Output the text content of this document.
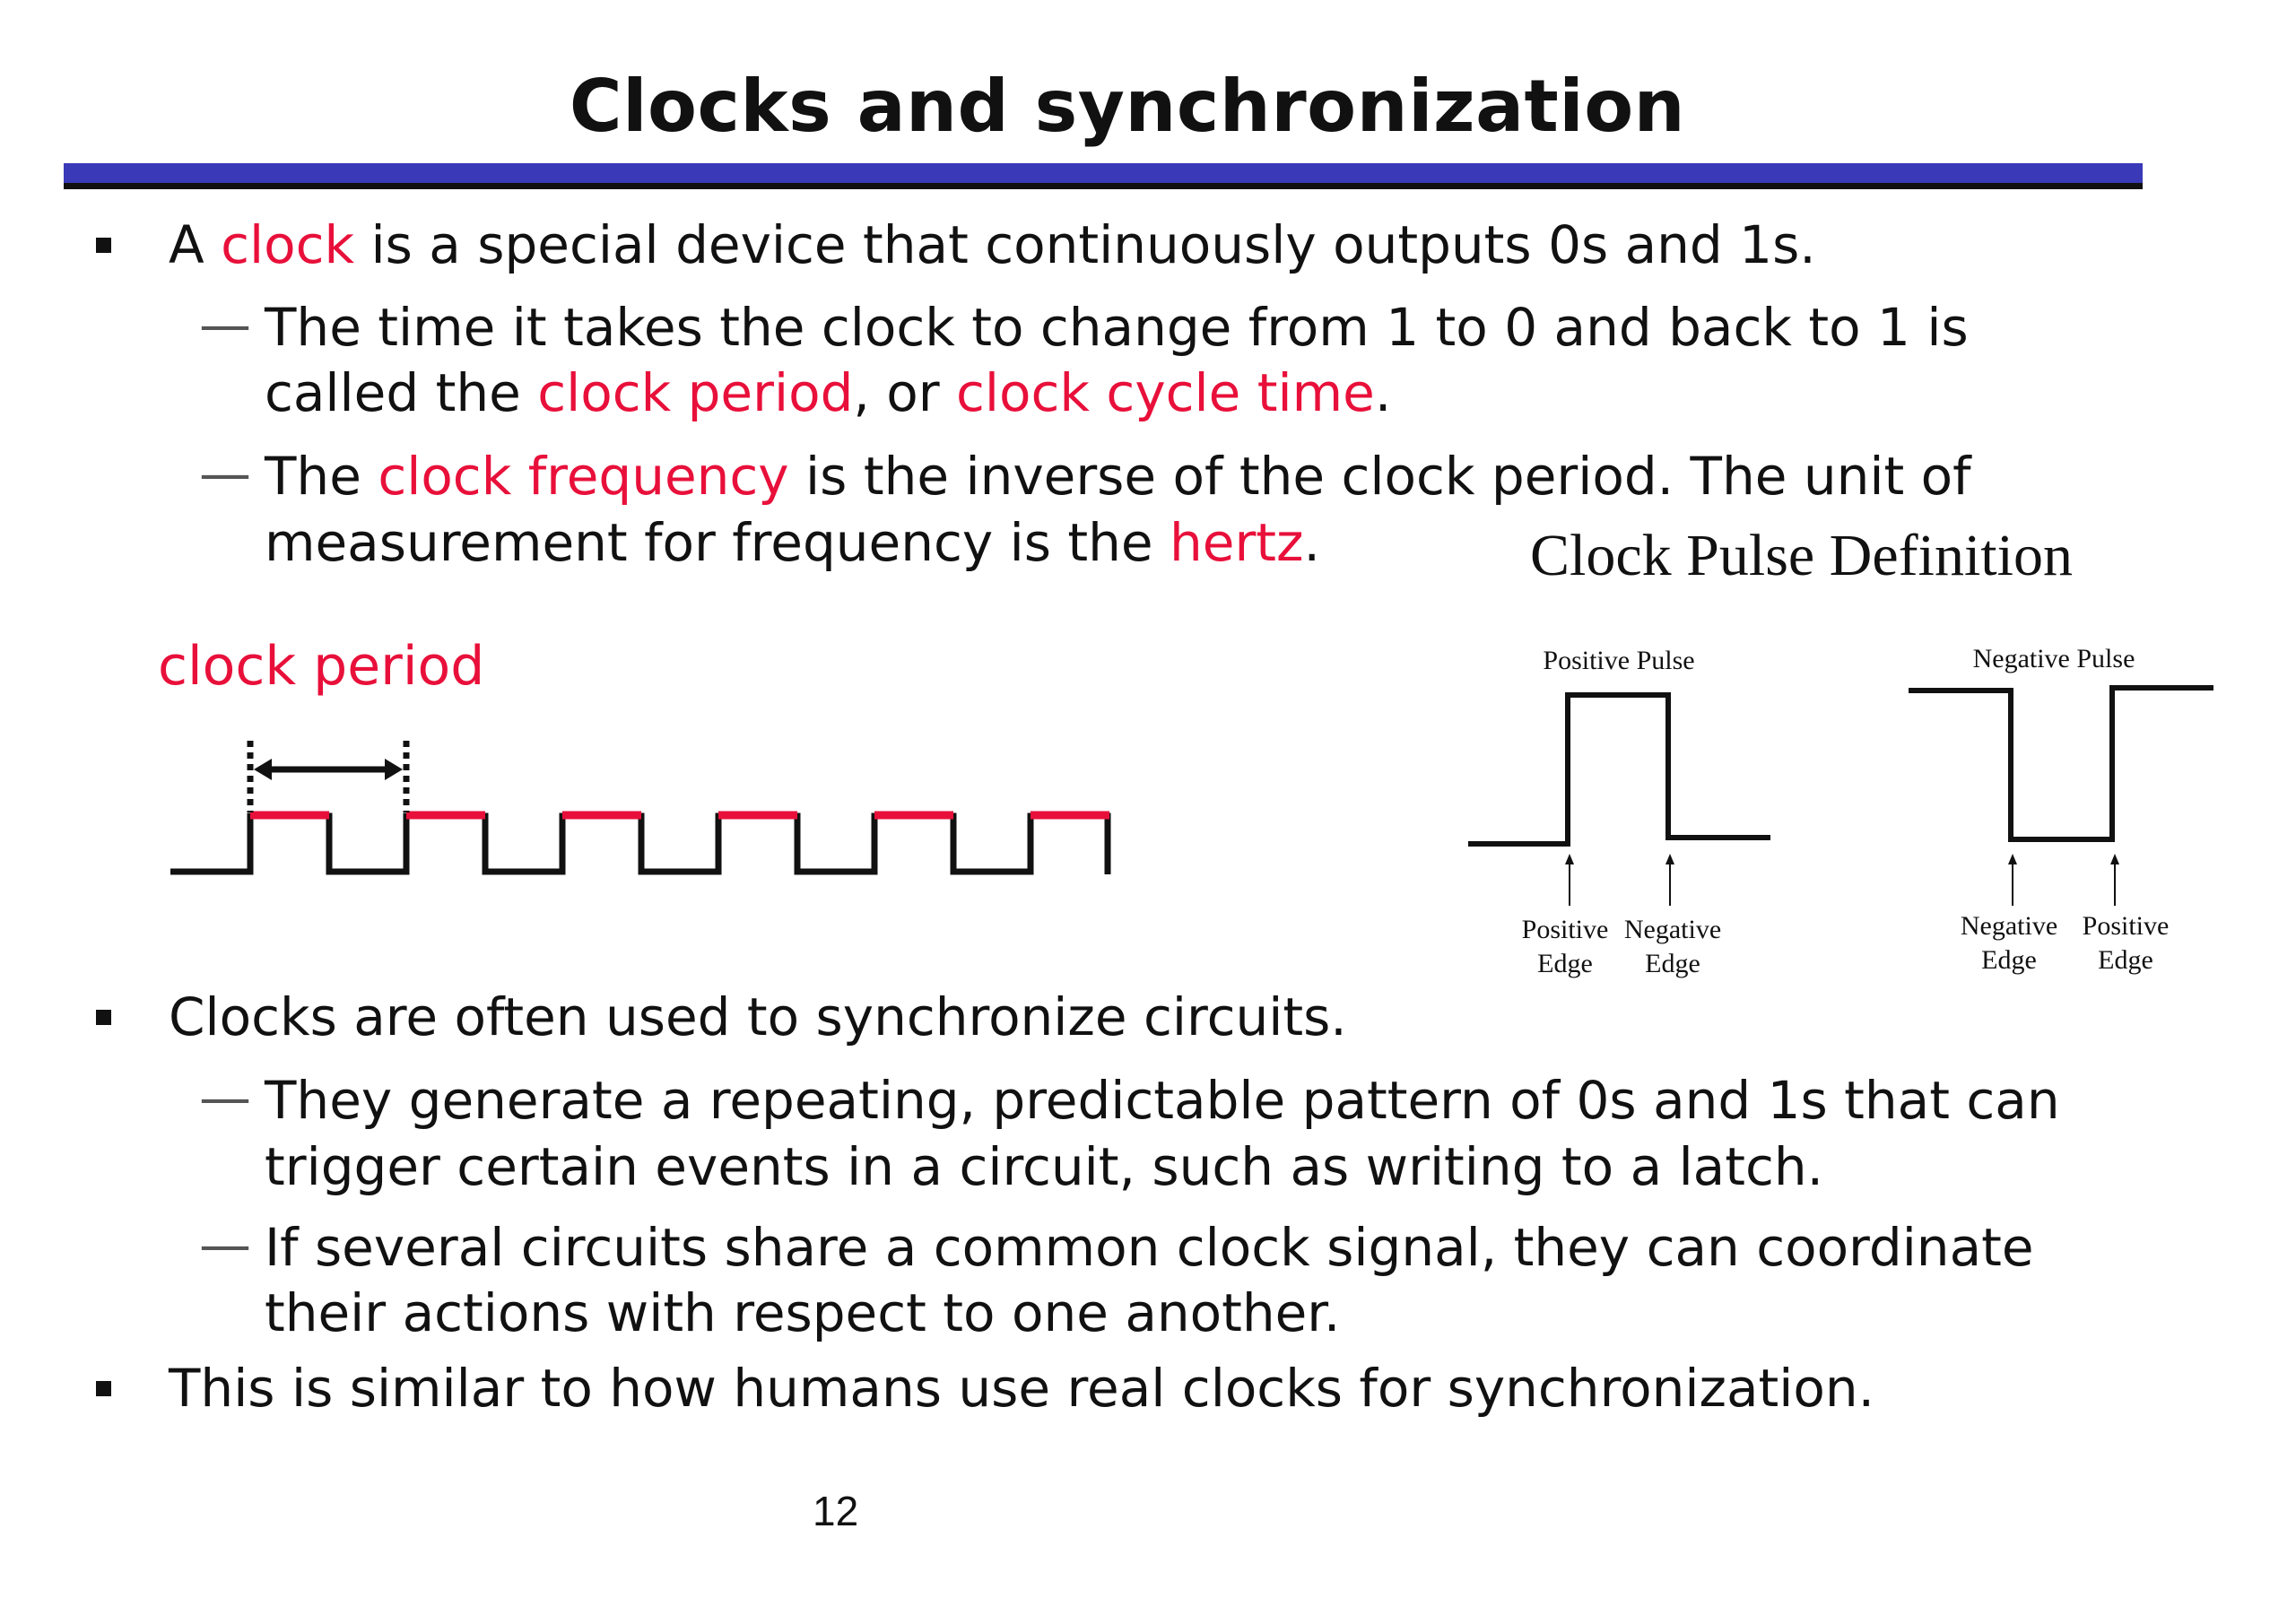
Clocks and synchronization
A clock is a special device that continuously outputs 0s and 1s.
— The time it takes the clock to change from 1 to 0 and back to 1 is
called the clock period, or clock cycle time.
— The clock frequency is the inverse of the clock period. The unit of
measurement for frequency is the hertz.
clock period
Clock Pulse Definition
Positive Pulse	Negative Pulse
Positive
Edge
Negative
Edge
Negative
Edge
Positive
Edge
Clocks are often used to synchronize circuits.
— They generate a repeating, predictable pattern of 0s and 1s that can
trigger certain events in a circuit, such as writing to a latch.
— If several circuits share a common clock signal, they can coordinate
their actions with respect to one another.
This is similar to how humans use real clocks for synchronization.
12
